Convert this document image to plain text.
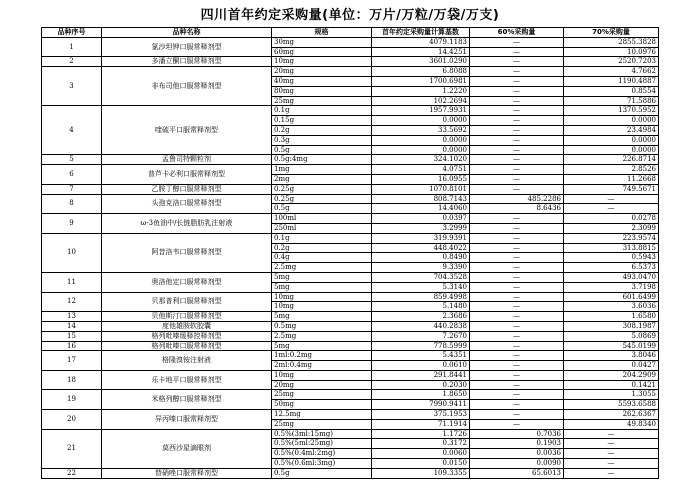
四川首年约定采购量(单位：万片/万粒/万袋/万支)
品种序号	品种名称	规格	首年约定采购量计算基数	60%采购量	70%采购量
1	氯沙坦钾口服常释剂型	30mg	4079.1183	—	2855.3828
		60mg	14.4251	—	10.0976
2	多潘立酮口服常释剂型	10mg	3601.0290	—	2520.7203
3	非布司他口服常释剂型	20mg	6.8088	—	4.7662
		40mg	1700.6981	—	1190.4887
		80mg	1.2220	—	0.8554
		25mg	102.2694	—	71.5886
4	喹硫平口服常释剂型	0.1g	1957.9931	—	1370.5952
		0.15g	0.0000	—	0.0000
		0.2g	33.5692	—	23.4984
		0.3g	0.0000	—	0.0000
		0.5g	0.0000	—	0.0000
5	孟鲁司特颗粒剂	0.5g:4mg	324.1020	—	226.8714
6	普芦卡必利口服常释剂型	1mg	4.0751	—	2.8526
		2mg	16.0955	—	11.2668
7	乙胺丁醇口服常释剂型	0.25g	1070.8101	—	749.5671
8	头孢克洛口服常释剂型	0.25g	808.7143	485.2286	—
		0.5g	14.4060	8.6436	—
9	ω-3鱼油中/长链脂肪乳注射液	100ml	0.0397	—	0.0278
		250ml	3.2999	—	2.3099
10	阿昔洛韦口服常释剂型	0.1g	319.9391	—	223.9574
		0.2g	448.4022	—	313.8815
		0.4g	0.8490	—	0.5943
		2.5mg	9.3390	—	6.5373
11	奥洛他定口服常释剂型	5mg	704.3528	—	493.0470
		5mg	5.3140	—	3.7198
12	贝那普利口服常释剂型	10mg	859.4998	—	601.6499
		10mg	5.1480	—	3.6036
13	贝他斯汀口服常释剂型	5mg	2.3686	—	1.6580
14	度他雄胺软胶囊	0.5mg	440.2838	—	308.1987
15	格列吡嗪缓释控释剂型	2.5mg	7.2670	—	5.0869
16	格列吡嗪口服常释剂型	5mg	778.5999	—	545.0199
17	格隆溴铵注射液	1ml:0.2mg	5.4351	—	3.8046
		2ml:0.4mg	0.0610	—	0.0427
18	乐卡地平口服常释剂型	10mg	291.8441	—	204.2909
		20mg	0.2030	—	0.1421
19	米格列醇口服常释剂型	25mg	1.8650	—	1.3055
		50mg	7990.9411	—	5593.6588
20	异丙嗪口服常释剂型	12.5mg	375.1953	—	262.6367
		25mg	71.1914	—	49.8340
21	莫西沙星滴眼剂	0.5%(3ml:15mg)	1.1726	0.7036	—
		0.5%(5ml:25mg)	0.3172	0.1903	—
		0.5%(0.4ml:2mg)	0.0060	0.0036	—
		0.5%(0.6ml:3mg)	0.0150	0.0090	—
22	替硝唑口服常释剂型	0.5g	109.3355	65.6013	—
